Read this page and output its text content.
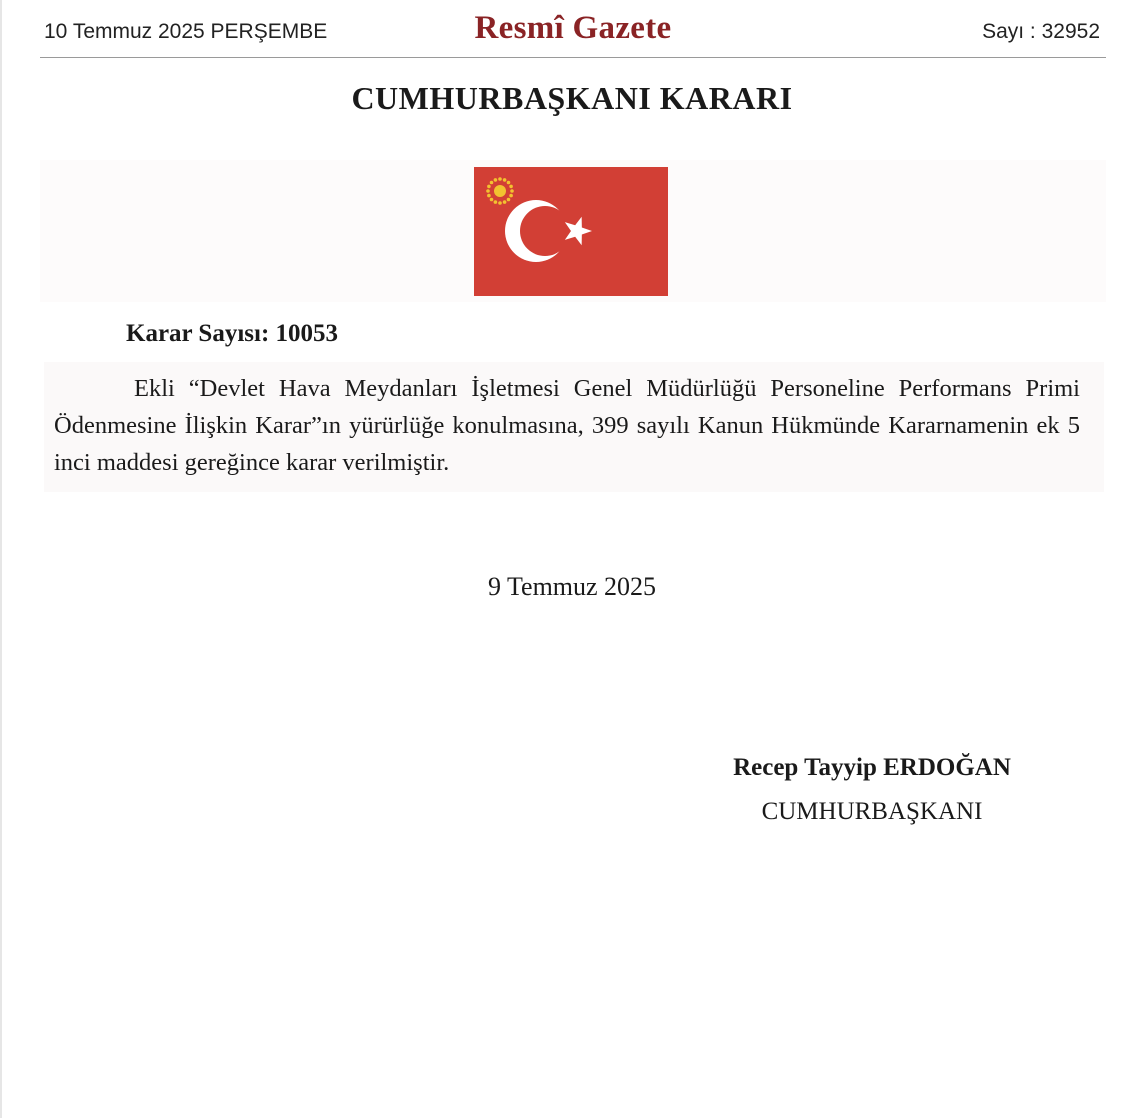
10 Temmuz 2025 PERŞEMBE	Resmî Gazete	Sayı : 32952
CUMHURBAŞKANI KARARI
Karar Sayısı: 10053
Ekli “Devlet Hava Meydanları İşletmesi Genel Müdürlüğü Personeline Performans Primi Ödenmesine İlişkin Karar”ın yürürlüğe konulmasına, 399 sayılı Kanun Hükmünde Kararnamenin ek 5 inci maddesi gereğince karar verilmiştir.
9 Temmuz 2025
Recep Tayyip ERDOĞAN
CUMHURBAŞKANI
